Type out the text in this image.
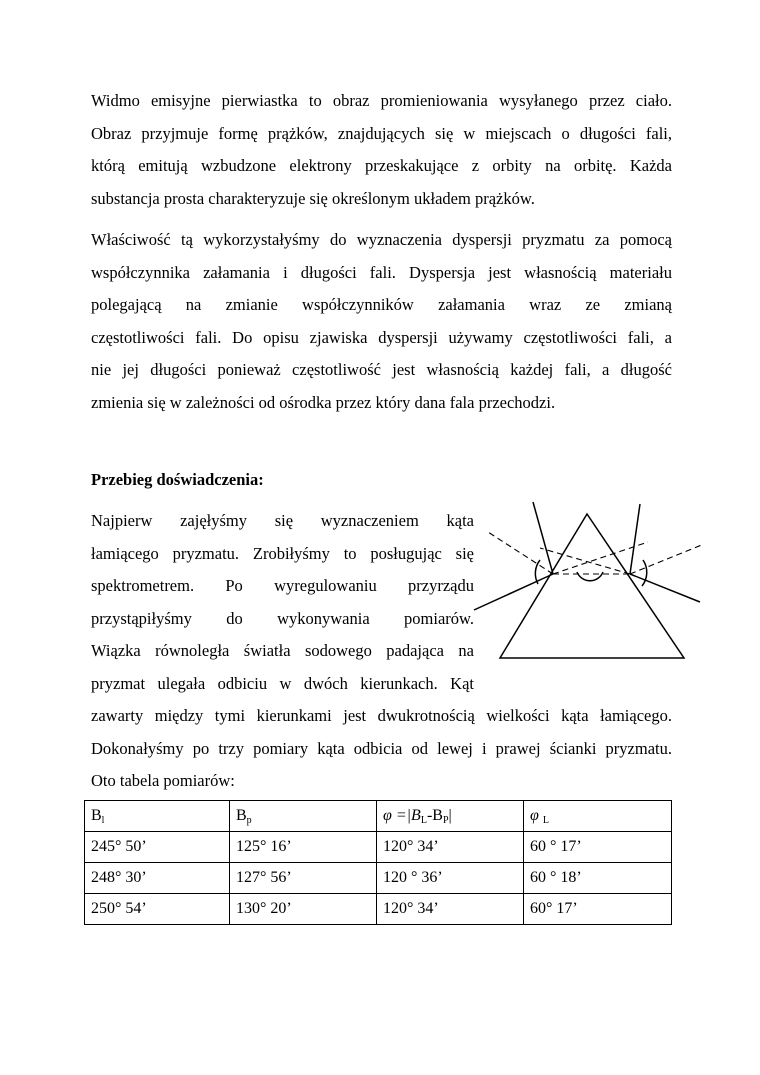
Widmo emisyjne pierwiastka to obraz promieniowania wysyłanego przez ciało.
Obraz przyjmuje formę prążków, znajdujących się w miejscach o długości fali,
którą emitują wzbudzone elektrony przeskakujące z orbity na orbitę. Każda
substancja prosta charakteryzuje się określonym układem prążków.
Właściwość tą wykorzystałyśmy do wyznaczenia dyspersji pryzmatu za pomocą
współczynnika załamania i długości fali. Dyspersja jest własnością materiału
polegającą na zmianie współczynników załamania wraz ze zmianą
częstotliwości fali. Do opisu zjawiska dyspersji używamy częstotliwości fali, a
nie jej długości ponieważ częstotliwość jest własnością każdej fali, a długość
zmienia się w zależności od ośrodka przez który dana fala przechodzi.
Przebieg doświadczenia:
Najpierw zajęłyśmy się wyznaczeniem kąta
łamiącego pryzmatu. Zrobiłyśmy to posługując się
spektrometrem. Po wyregulowaniu przyrządu
przystąpiłyśmy do wykonywania pomiarów.
Wiązka równoległa światła sodowego padająca na
pryzmat ulegała odbiciu w dwóch kierunkach. Kąt
zawarty między tymi kierunkami jest dwukrotnością wielkości kąta łamiącego.
Dokonałyśmy po trzy pomiary kąta odbicia od lewej i prawej ścianki pryzmatu.
Oto tabela pomiarów:
$B_l$	$B_p$	$\varphi =|B_L-B_P|$	φ $_L$
245° 50’	125° 16’	120° 34’	60 ° 17’
248° 30’	127° 56’	120 ° 36’	60 ° 18’
250° 54’	130° 20’	120° 34’	60° 17’
